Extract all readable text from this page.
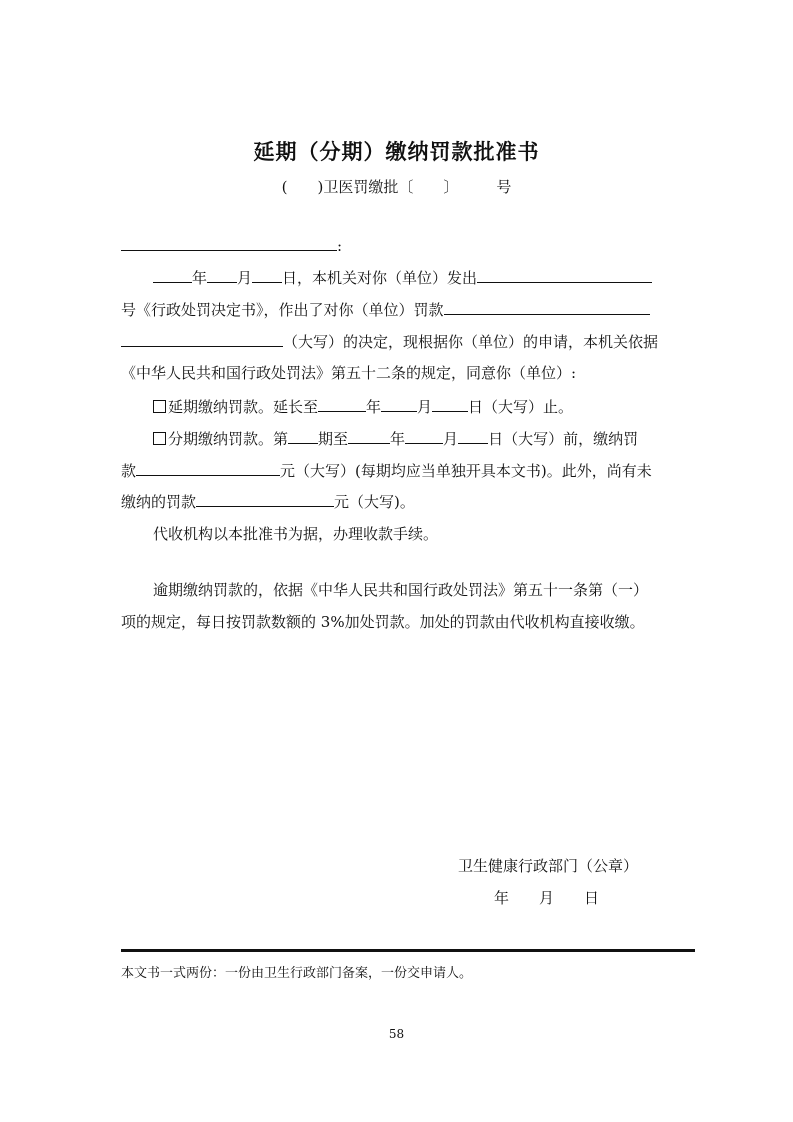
延期（分期）缴纳罚款批准书
(　　)卫医罚缴批〔　　〕	号
:
年 月 日，本机关对你（单位）发出
号《行政处罚决定书》，作出了对你（单位）罚款
（大写）的决定，现根据你（单位）的申请，本机关依据
《中华人民共和国行政处罚法》第五十二条的规定，同意你（单位）:
延期缴纳罚款。延长至	年 月 日（大写）止。
分期缴纳罚款。第 期至	年	月 日（大写）前，缴纳罚
款	元（大写）(每期均应当单独开具本文书)。此外，尚有未
缴纳的罚款	元（大写)。
代收机构以本批准书为据，办理收款手续。
逾期缴纳罚款的，依据《中华人民共和国行政处罚法》第五十一条第（一）
项的规定，每日按罚款数额的 3%加处罚款。加处的罚款由代收机构直接收缴。
卫生健康行政部门（公章）
年 月 日
本文书一式两份：一份由卫生行政部门备案，一份交申请人。
58
